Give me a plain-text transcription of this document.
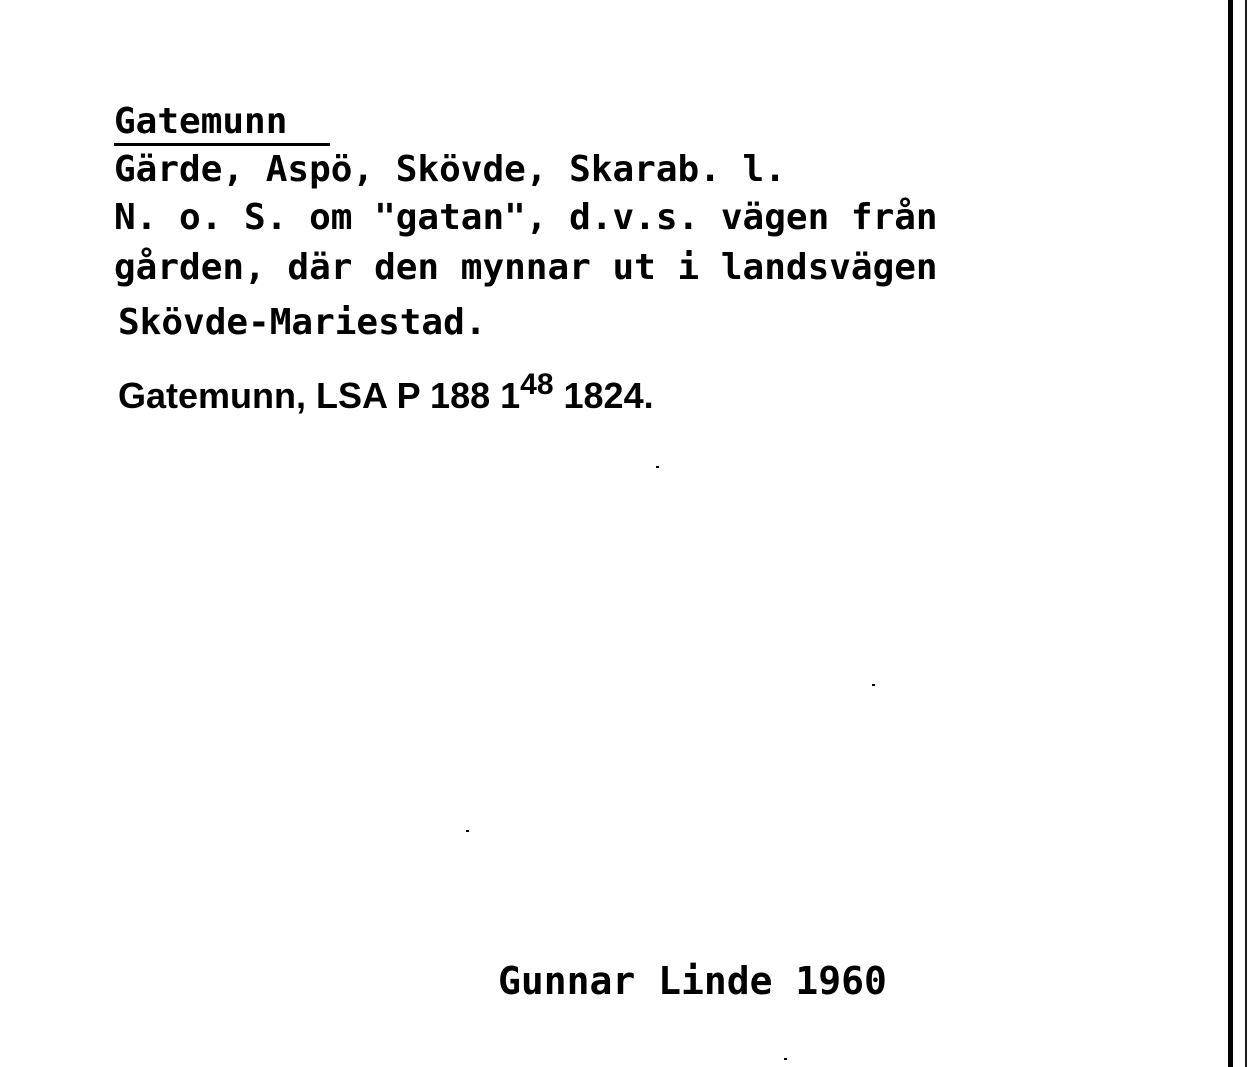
Gatemunn
Gärde, Aspö, Skövde, Skarab. l.
N. o. S. om "gatan", d.v.s. vägen från
gården, där den mynnar ut i landsvägen
Skövde-Mariestad.
Gatemunn, LSA P 188 $1^{48}$ 1824.
Gunnar Linde 1960
